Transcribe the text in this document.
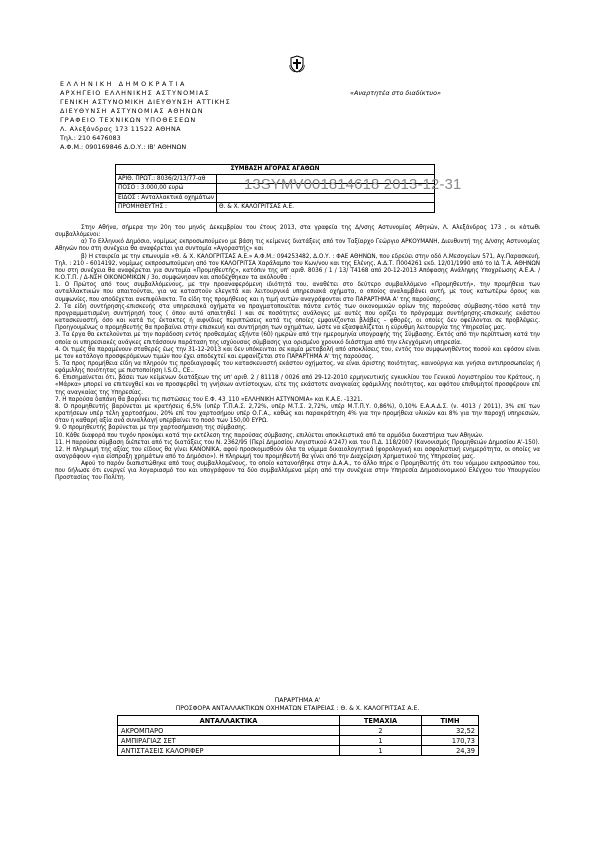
ΕΛΛΗΝΙΚΗ ΔΗΜΟΚΡΑΤΙΑ
ΑΡΧΗΓΕΙΟ ΕΛΛΗΝΙΚΗΣ ΑΣΤΥΝΟΜΙΑΣ
ΓΕΝΙΚΗ ΑΣΤΥΝΟΜΙΚΗ ΔΙΕΥΘΥΝΣΗ ΑΤΤΙΚΗΣ
ΔΙΕΥΘΥΝΣΗ ΑΣΤΥΝΟΜΙΑΣ ΑΘΗΝΩΝ
ΓΡΑΦΕΙΟ ΤΕΧΝΙΚΩΝ ΥΠΟΘΕΣΕΩΝ
Λ. Αλεξάνδρας 173 11522 ΑΘΗΝΑ
Τηλ.: 210 6476083
Α.Φ.Μ.: 090169846 Δ.Ο.Υ.: ΙΒ' ΑΘΗΝΩΝ
«Αναρτητέα στο διαδίκτυο»
ΣΥΜΒΑΣΗ ΑΓΟΡΑΣ ΑΓΑΘΩΝ	
ΑΡΙΘ. ΠΡΩΤ.: 8036/2/13/77-αθ	
ΠΟΣΟ : 3.000,00 ευρώ	
ΕΙΔΟΣ : Ανταλλακτικά οχημάτων	
ΠΡΟΜΗΘΕΥΤΗΣ :	Θ. & Χ. ΚΑΛΟΓΡΙΤΣΑΣ Α.Ε.
13SYMV001814618 2013-12-31

Στην Αθήνα, σήμερα την 20η του μηνός Δεκεμβρίου του έτους 2013, στα γραφεία της Δ/νσης Αστυνομίας Αθηνών, Λ. Αλεξάνδρας 173 , οι κάτωθι συμβαλλόμενοι:

α) Το Ελληνικό Δημόσιο, νομίμως εκπροσωπούμενο με βάση τις κείμενες διατάξεις από τον Ταξίαρχο Γεώργιο ΑΡΚΟΥΜΑΝΗ, Διευθυντή της Δ/νσης Αστυνομίας Αθηνών που στη συνέχεια θα αναφέρεται για συντομία «Αγοραστής» και

β) Η εταιρεία με την επωνυμία «Θ. & Χ. ΚΑΛΟΓΡΙΤΣΑΣ Α.Ε.» Α.Φ.Μ.: 094253482, Δ.Ο.Υ. : ΦΑΕ ΑΘΗΝΩΝ, που εδρεύει στην οδό Λ.Μεσογείων 571, Αγ.Παρασκευή, Τηλ. : 210 - 6014192, νομίμως εκπροσωπούμενη από τον ΚΑΛΟΓΡΙΤΣΑ Χαράλαμπο του Κων/νου και της Ελένης, Α.Δ.Τ. Π004261 εκδ. 12/01/1990 από το ΙΔ Τ.Α. ΑΘΗΝΩΝ που στη συνέχεια θα αναφέρεται για συντομία «Προμηθευτής», κατόπιν της υπ' αριθ. 8036 / 1 / 13/ Τ4168 από 20-12-2013 Απόφασης Ανάληψης Υποχρέωσης Α.Ε.Α. / Κ.Ο.Τ.Π. / Δ-ΝΣΗ ΟΙΚΟΝΟΜΙΚΩΝ / 3ο, συμφώνησαν και αποδέχθηκαν τα ακόλουθα :

1. Ο Πρώτος από τους συμβαλλόμενους, με την προαναφερόμενη ιδιότητά του, αναθέτει στο δεύτερο συμβαλλόμενο «Προμηθευτή», την προμήθεια των ανταλλακτικών που απαιτούνται, για να καταστούν ελεγκτά και λειτουργικά υπηρεσιακά οχήματα, ο οποίος αναλαμβάνει αυτή, με τους κατωτέρω όρους και συμφωνίες, που αποδέχεται ανεπιφύλακτα. Τα είδη της προμήθειας και η τιμή αυτών αναγράφονται στο ΠΑΡΑΡΤΗΜΑ Α' της παρούσης.

2. Τα είδη συντήρησης-επισκευής στα υπηρεσιακά οχήματα να πραγματοποιείται πάντα εντός των οικονομικών ορίων της παρούσας σύμβασης-τόσο κατά την προγραμματισμένη συντήρησή τους ( όπου αυτό απαιτηθεί ) και σε ποσότητες ανάλογες με αυτές που ορίζει το πρόγραμμα συντήρησης-επισκευής εκάστου κατασκευαστή, όσο και κατά τις έκτακτες ή αιφνίδιες περιπτώσεις κατά τις οποίες εμφανίζονται βλάβες – φθορές, οι οποίες δεν οφείλονται σε προβλέψεις. Προηγουμένως ο προμηθευτής θα προβαίνει στην επισκευή και συντήρηση των οχημάτων, ώστε να εξασφαλίζεται η εύρυθμη λειτουργία της Υπηρεσίας μας.

3. Τα έργα θα εκτελούνται με την παράδοση εντός προθεσμίας εξήντα (60) ημερών από την ημερομηνία υπογραφής της Σύμβασης. Εκτός από την περίπτωση κατά την οποία οι υπηρεσιακές ανάγκες επιτάσσουν παράταση της ισχύουσας σύμβασης για ορισμένο χρονικό διάστημα από την ελεγχόμενη υπηρεσία.

4. Οι τιμές θα παραμένουν σταθερές έως την 31-12-2013 και δεν υπόκεινται σε καμία μεταβολή από αποκλίσεις του, εντός του συμφωνηθέντος ποσού και εφόσον είναι με τον κατάλογο προσφερόμενων τιμών που έχει αποδεχτεί και εμφανίζεται στο ΠΑΡΑΡΤΗΜΑ Α' της παρούσας.

5. Τα προς προμήθεια είδη να πληρούν τις προδιαγραφές του κατασκευαστή εκάστου οχήματος, να είναι άριστης ποιότητας, καινούργια και γνήσια αντιπροσωπείας ή εφάμιλλης ποιότητας με πιστοποίηση I.S.O., CE..

6. Επισημαίνεται ότι, βάσει των κείμενων διατάξεων της υπ' αριθ. 2 / 81118 / 0026 από 29-12-2010 ερμηνευτικής εγκυκλίου του Γενικού Λογιστηρίου του Κράτους, η «Μάρκα» μπορεί να επιτευχθεί και να προσφερθεί τη γνήσιων αντίστοιχων, είτε της εκάστοτε αναγκαίας εφάμιλλης ποιότητας, και αφότου επιθυμητοί προσφέρουν επί της αναγκαίας της Υπηρεσίας.

7. Η παρούσα δαπάνη θα βαρύνει τις πιστώσεις του Ε.Φ. 43_110 «ΕΛΛΗΝΙΚΗ ΑΣΤΥΝΟΜΙΑ» και Κ.Α.Ε. -1321.

8. Ο προμηθευτής βαρύνεται με κρατήσεις 6,5% (υπέρ Τ.Π.Α.Σ. 2,72%, υπέρ Μ.Τ.Σ. 2,72%, υπέρ Μ.Τ.Π.Υ. 0,86%), 0,10% Ε.Α.Α.Δ.Σ. (ν. 4013 / 2011), 3% επί των κρατήσεων υπέρ τέλη χαρτοσήμου, 20% επί του χαρτοσήμου υπέρ Ο.Γ.Α., καθώς και παρακράτηση 4% για την προμήθεια υλικών και 8% για την παροχή υπηρεσιών, όταν η καθαρή αξία ανά συναλλαγή υπερβαίνει το ποσό των 150,00 ΕΥΡΩ.

9. Ο προμηθευτής βαρύνεται με την χαρτοσήμανση της σύμβασης.

10. Κάθε διαφορά που τυχόν προκύψει κατά την εκτέλεση της παρούσας σύμβασης, επιλύεται αποκλειστικά από τα αρμόδια δικαστήρια των Αθηνών.

11. Η παρούσα σύμβαση διέπεται από τις διατάξεις του Ν. 2362/95 (Περί Δημοσίου Λογιστικού Α'247) και του Π.Δ. 118/2007 (Κανονισμός Προμηθειών Δημοσίου Α'-150).

12. Η πληρωμή της αξίας του είδους θα γίνει ΚΑΝΟΝΙΚΑ, αφού προσκομισθούν όλα τα νόμιμα δικαιολογητικά (φορολογική και ασφαλιστική ενημερότητα, οι οποίες να αναγράφουν «για είσπραξη χρημάτων από το Δημόσιο»). Η πληρωμή του προμηθευτή θα γίνει από την Διαχείριση Χρηματικού της Υπηρεσίας μας.

Αφού το παρόν διαπιστώθηκε από τους συμβαλλομένους, το οποίο κατανοήθηκε στην Δ.Α.Α., το άλλο πήρε ο Προμηθευτής ότι του νόμιμου εκπροσώπου του, που δήλωσε ότι ενεργεί για λογαριασμό του και υπογράφουν τα δύο συμβαλλόμενα μέρη από την συνέχεια στην Υπηρεσία Δημοσιονομικού Ελέγχου του Υπουργείου Προστασίας του Πολίτη.

ΠΑΡΑΡΤΗΜΑ Α'
ΠΡΟΣΦΟΡΑ ΑΝΤΑΛΛΑΚΤΙΚΩΝ ΟΧΗΜΑΤΩΝ ΕΤΑΙΡΕΙΑΣ : Θ. & Χ. ΚΑΛΟΓΡΙΤΣΑΣ Α.Ε.
ΑΝΤΑΛΛΑΚΤΙΚΑ	ΤΕΜΑΧΙΑ	ΤΙΜΗ
ΑΚΡΟΜΠΑΡΟ	2	32,52
ΑΜΠΙΡΑΓΙΑΖ ΣΕΤ	1	170,73
ΑΝΤΙΣΤΑΣΕΙΣ ΚΑΛΟΡΙΦΕΡ	1	24,39
